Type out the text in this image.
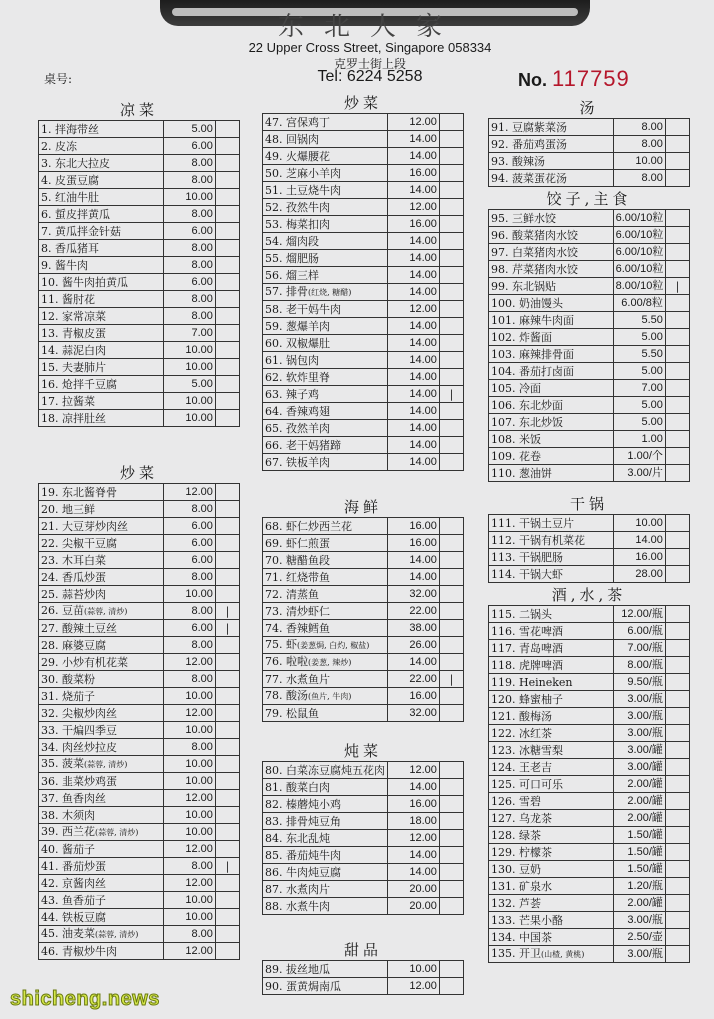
东北人家
22 Upper Cross Street, Singapore 058334
克罗士街上段
Tel: 6224 5258
桌号:	No. 117759
凉菜
1. 拌海带丝	5.00	
2. 皮冻	6.00	
3. 东北大拉皮	8.00	
4. 皮蛋豆腐	8.00	
5. 红油牛肚	10.00	
6. 蜇皮拌黄瓜	8.00	
7. 黄瓜拌金针菇	6.00	
8. 香瓜猪耳	8.00	
9. 酱牛肉	8.00	
10. 酱牛肉拍黄瓜	6.00	
11. 酱肘花	8.00	
12. 家常凉菜	8.00	
13. 青椒皮蛋	7.00	
14. 蒜泥白肉	10.00	
15. 夫妻肺片	10.00	
16. 炝拌千豆腐	5.00	
17. 拉酱菜	10.00	
18. 凉拌肚丝	10.00	
炒菜
19. 东北酱脊骨	12.00	
20. 地三鲜	8.00	
21. 大豆芽炒肉丝	6.00	
22. 尖椒干豆腐	6.00	
23. 木耳白菜	6.00	
24. 香瓜炒蛋	8.00	
25. 蒜苔炒肉	10.00	
26. 豆苗(蒜蓉, 清炒)	8.00	|
27. 酸辣土豆丝	6.00	|
28. 麻婆豆腐	8.00	
29. 小炒有机花菜	12.00	
30. 酸菜粉	8.00	
31. 烧茄子	10.00	
32. 尖椒炒肉丝	12.00	
33. 干煸四季豆	10.00	
34. 肉丝炒拉皮	8.00	
35. 菠菜(蒜蓉, 清炒)	10.00	
36. 韭菜炒鸡蛋	10.00	
37. 鱼香肉丝	12.00	
38. 木须肉	10.00	
39. 西兰花(蒜蓉, 清炒)	10.00	
40. 酱茄子	12.00	
41. 番茄炒蛋	8.00	|
42. 京酱肉丝	12.00	
43. 鱼香茄子	10.00	
44. 铁板豆腐	10.00	
45. 油麦菜(蒜蓉, 清炒)	8.00	
46. 青椒炒牛肉	12.00	
炒菜
47. 宫保鸡丁	12.00	
48. 回锅肉	14.00	
49. 火爆腰花	14.00	
50. 芝麻小羊肉	16.00	
51. 土豆烧牛肉	14.00	
52. 孜然牛肉	12.00	
53. 梅菜扣肉	16.00	
54. 熘肉段	14.00	
55. 熘肥肠	14.00	
56. 熘三样	14.00	
57. 排骨(红烧, 糖醋)	14.00	
58. 老干妈牛肉	12.00	
59. 葱爆羊肉	14.00	
60. 双椒爆肚	14.00	
61. 锅包肉	14.00	
62. 软炸里脊	14.00	
63. 辣子鸡	14.00	|
64. 香辣鸡翅	14.00	
65. 孜然羊肉	14.00	
66. 老干妈猪蹄	14.00	
67. 铁板羊肉	14.00	
海鲜
68. 虾仁炒西兰花	16.00	
69. 虾仁煎蛋	16.00	
70. 糖醋鱼段	14.00	
71. 红烧带鱼	14.00	
72. 清蒸鱼	32.00	
73. 清炒虾仁	22.00	
74. 香辣鳕鱼	38.00	
75. 虾(姜葱焗, 白灼, 椒盐)	26.00	
76. 啦啦(姜葱, 辣炒)	14.00	
77. 水煮鱼片	22.00	|
78. 酸汤(鱼片, 牛肉)	16.00	
79. 松鼠鱼	32.00	
炖菜
80. 白菜冻豆腐炖五花肉	12.00	
81. 酸菜白肉	14.00	
82. 榛蘑炖小鸡	16.00	
83. 排骨炖豆角	18.00	
84. 东北乱炖	12.00	
85. 番茄炖牛肉	14.00	
86. 牛肉炖豆腐	14.00	
87. 水煮肉片	20.00	
88. 水煮牛肉	20.00	
甜品
89. 拔丝地瓜	10.00	
90. 蛋黄焗南瓜	12.00	
汤
91. 豆腐紫菜汤	8.00	
92. 番茄鸡蛋汤	8.00	
93. 酸辣汤	10.00	
94. 菠菜蛋花汤	8.00	
饺子,主食
95. 三鲜水饺	6.00/10粒	
96. 酸菜猪肉水饺	6.00/10粒	
97. 白菜猪肉水饺	6.00/10粒	
98. 芹菜猪肉水饺	6.00/10粒	
99. 东北锅贴	8.00/10粒	|
100. 奶油馒头	6.00/8粒	
101. 麻辣牛肉面	5.50	
102. 炸酱面	5.00	
103. 麻辣排骨面	5.50	
104. 番茄打卤面	5.00	
105. 冷面	7.00	
106. 东北炒面	5.00	
107. 东北炒饭	5.00	
108. 米饭	1.00	
109. 花卷	1.00/个	
110. 葱油饼	3.00/片	
干锅
111. 干锅土豆片	10.00	
112. 干锅有机菜花	14.00	
113. 干锅肥肠	16.00	
114. 干锅大虾	28.00	
酒,水,茶
115. 二锅头	12.00/瓶	
116. 雪花啤酒	6.00/瓶	
117. 青岛啤酒	7.00/瓶	
118. 虎牌啤酒	8.00/瓶	
119. Heineken	9.50/瓶	
120. 蜂蜜柚子	3.00/瓶	
121. 酸梅汤	3.00/瓶	
122. 冰红茶	3.00/瓶	
123. 冰糖雪梨	3.00/罐	
124. 王老吉	3.00/罐	
125. 可口可乐	2.00/罐	
126. 雪碧	2.00/罐	
127. 乌龙茶	2.00/罐	
128. 绿茶	1.50/罐	
129. 柠檬茶	1.50/罐	
130. 豆奶	1.50/罐	
131. 矿泉水	1.20/瓶	
132. 芦荟	2.00/罐	
133. 芒果小酪	3.00/瓶	
134. 中国茶	2.50/壶	
135. 开卫(山楂, 黄桃)	3.00/瓶	
shicheng.news
